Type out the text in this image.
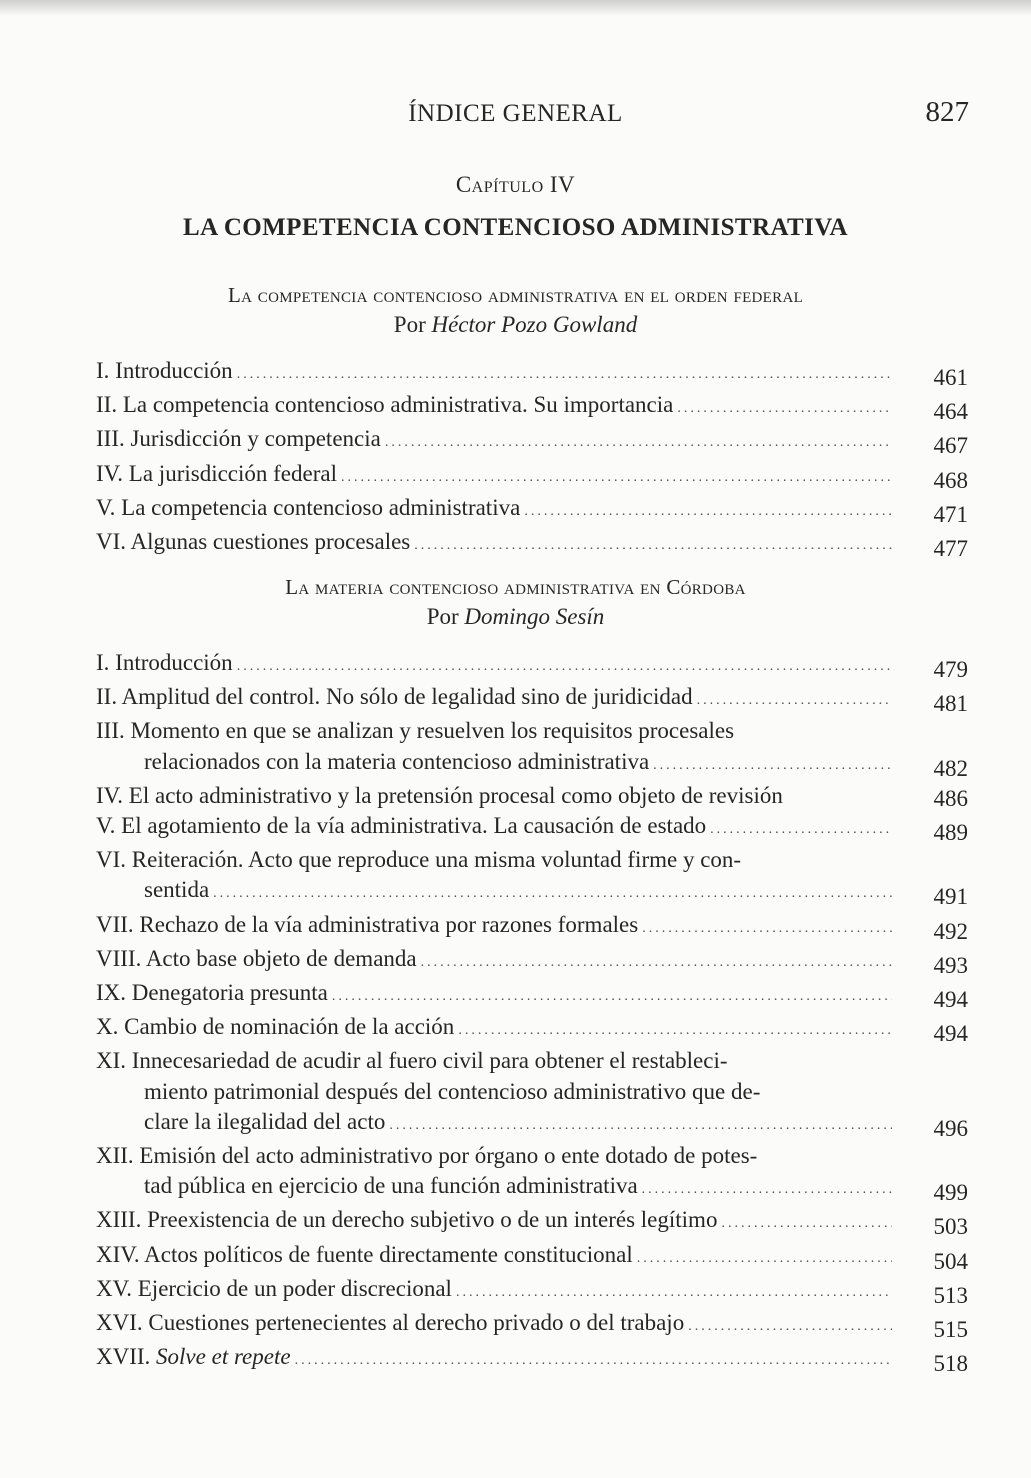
ÍNDICE GENERAL	827
Capítulo IV
LA COMPETENCIA CONTENCIOSO ADMINISTRATIVA
La competencia contencioso administrativa en el orden federal
Por Héctor Pozo Gowland
I. Introducción .....	461
II. La competencia contencioso administrativa. Su importancia .....	464
III. Jurisdicción y competencia .....	467
IV. La jurisdicción federal .....	468
V. La competencia contencioso administrativa .....	471
VI. Algunas cuestiones procesales .....	477
La materia contencioso administrativa en Córdoba
Por Domingo Sesín
I. Introducción .....	479
II. Amplitud del control. No sólo de legalidad sino de juridicidad .....	481
III. Momento en que se analizan y resuelven los requisitos procesales
relacionados con la materia contencioso administrativa .....	482
IV. El acto administrativo y la pretensión procesal como objeto de revisión	486
V. El agotamiento de la vía administrativa. La causación de estado .....	489
VI. Reiteración. Acto que reproduce una misma voluntad firme y con-
sentida .....	491
VII. Rechazo de la vía administrativa por razones formales .....	492
VIII. Acto base objeto de demanda .....	493
IX. Denegatoria presunta .....	494
X. Cambio de nominación de la acción .....	494
XI. Innecesariedad de acudir al fuero civil para obtener el restableci-
miento patrimonial después del contencioso administrativo que de-
clare la ilegalidad del acto .....	496
XII. Emisión del acto administrativo por órgano o ente dotado de potes-
tad pública en ejercicio de una función administrativa .....	499
XIII. Preexistencia de un derecho subjetivo o de un interés legítimo .....	503
XIV. Actos políticos de fuente directamente constitucional .....	504
XV. Ejercicio de un poder discrecional .....	513
XVI. Cuestiones pertenecientes al derecho privado o del trabajo .....	515
XVII. Solve et repete .....	518
